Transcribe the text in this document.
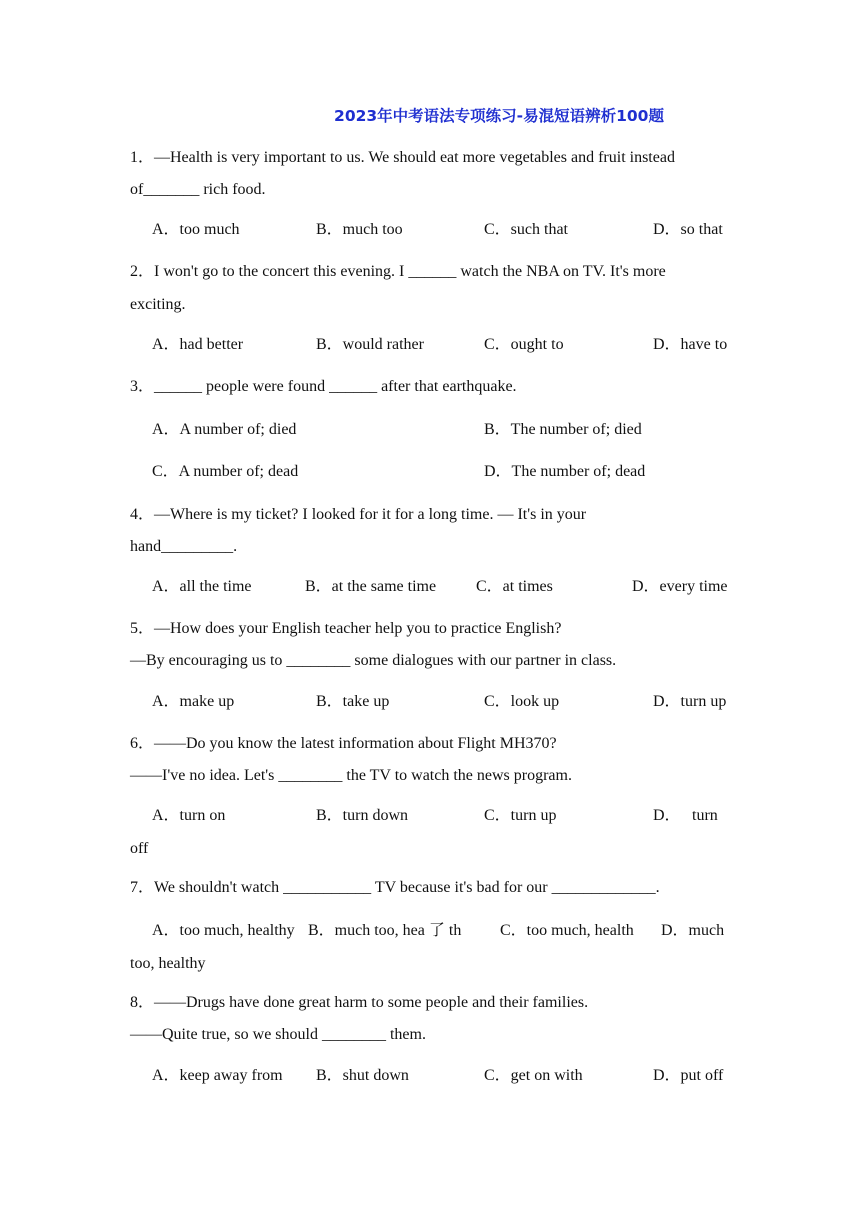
2023年中考语法专项练习-易混短语辨析100题
1．—Health is very important to us. We should eat more vegetables and fruit instead
of_______ rich food.
A．too much	B．much too	C．such that	D．so that
2．I won't go to the concert this evening. I ______ watch the NBA on TV. It's more
exciting.
A．had better	B．would rather	C．ought to	D．have to
3．______ people were found ______ after that earthquake.
A．A number of; died	B．The number of; died
C．A number of; dead	D．The number of; dead
4．—Where is my ticket? I looked for it for a long time. — It's in your
hand_________.
A．all the time	B．at the same time C．at times	D．every time
5．—How does your English teacher help you to practice English?
—By encouraging us to ________ some dialogues with our partner in class.
A．make up	B．take up	C．look up	D．turn up
6．——Do you know the latest information about Flight MH370?
——I've no idea. Let's ________ the TV to watch the news program.
A．turn on	B．turn down	C．turn up	D． turn
off
7．We shouldn't watch ___________ TV because it's bad for our _____________.
A．too much, healthy B．much too, hea 了 th C．too much, health D．much
too, healthy
8．——Drugs have done great harm to some people and their families.
——Quite true, so we should ________ them.
A．keep away from B．shut down	C．get on with	D．put off
